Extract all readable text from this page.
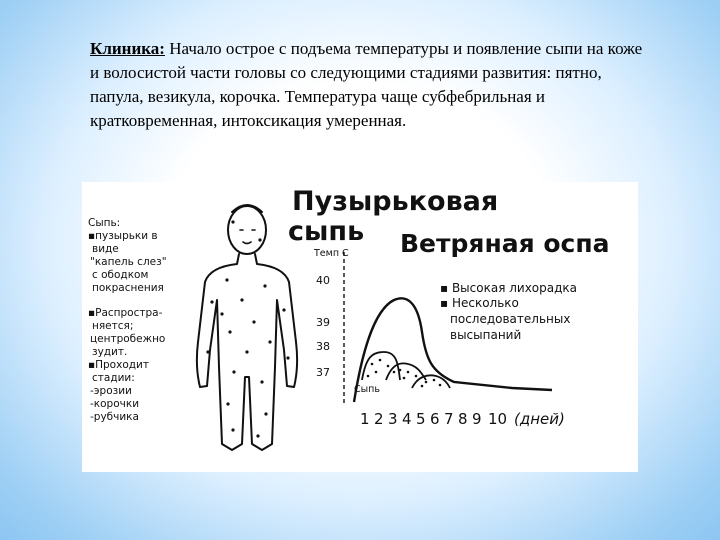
Клиника: Начало острое с подъема температуры и появление сыпи на коже и волосистой части головы со следующими стадиями развития: пятно, папула, везикула, корочка. Температура чаще субфебрильная и кратковременная, интоксикация умеренная.
Пузырьковая
сыпь Ветряная оспа
Сыпь:
▪пузырьки в
виде
"капель слез"
с ободком
покраснения
▪Распростра-
няется;
центробежно
зудит.
▪Проходит
стадии:
-эрозии
-корочки
-рубчика
Темп С
40
39
38
37
Сыпь
1 2 3 4 5 6 7 8 9 10 (дней)
▪ Высокая лихорадка
▪ Несколько
последовательных
высыпаний
